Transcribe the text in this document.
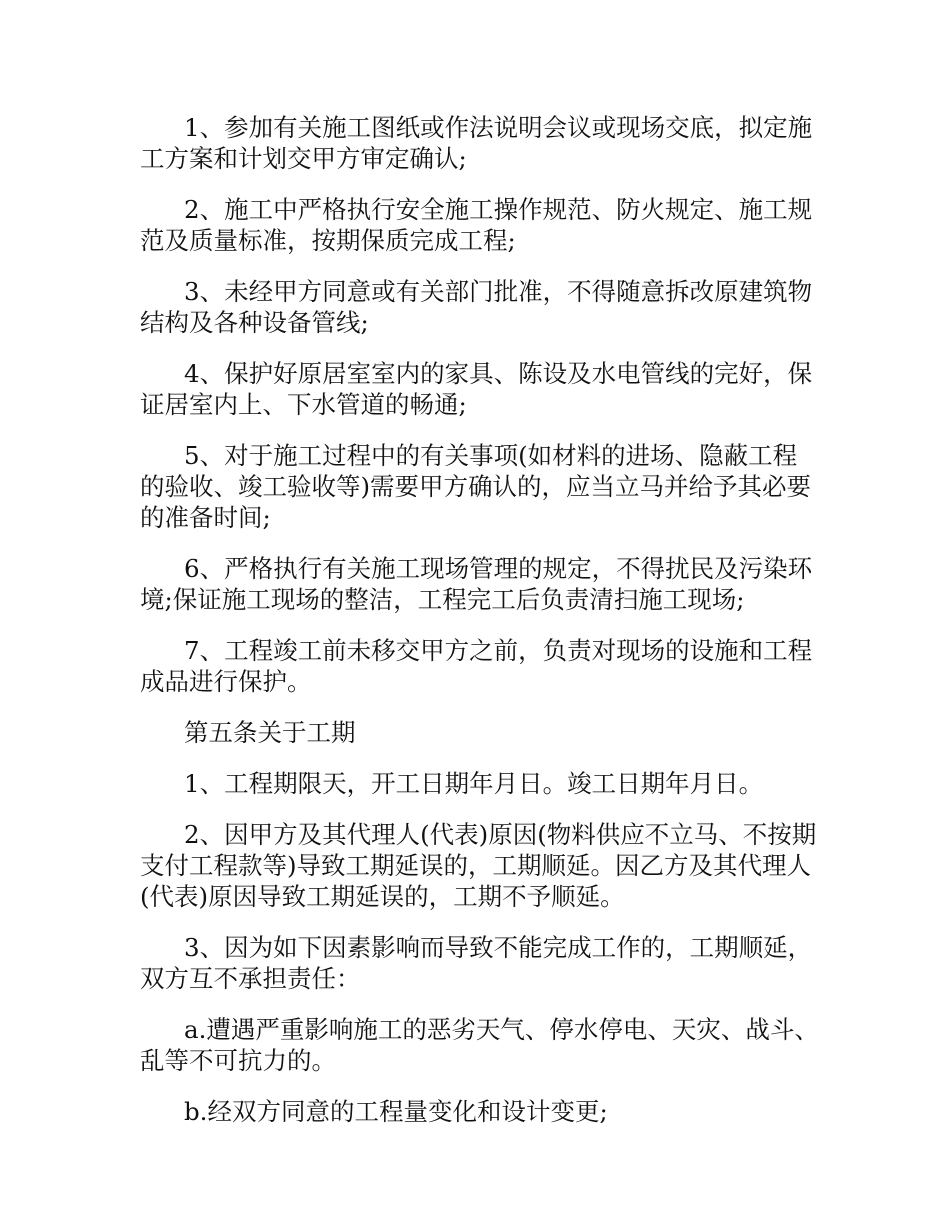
1、参加有关施工图纸或作法说明会议或现场交底，拟定施工方案和计划交甲方审定确认;

2、施工中严格执行安全施工操作规范、防火规定、施工规范及质量标准，按期保质完成工程;

3、未经甲方同意或有关部门批准，不得随意拆改原建筑物结构及各种设备管线;

4、保护好原居室室内的家具、陈设及水电管线的完好，保证居室内上、下水管道的畅通;

5、对于施工过程中的有关事项(如材料的进场、隐蔽工程的验收、竣工验收等)需要甲方确认的，应当立马并给予其必要的准备时间;

6、严格执行有关施工现场管理的规定，不得扰民及污染环境;保证施工现场的整洁，工程完工后负责清扫施工现场;

7、工程竣工前未移交甲方之前，负责对现场的设施和工程成品进行保护。

第五条关于工期

1、工程期限天，开工日期年月日。竣工日期年月日。

2、因甲方及其代理人(代表)原因(物料供应不立马、不按期支付工程款等)导致工期延误的，工期顺延。因乙方及其代理人(代表)原因导致工期延误的，工期不予顺延。

3、因为如下因素影响而导致不能完成工作的，工期顺延，双方互不承担责任：

a.遭遇严重影响施工的恶劣天气、停水停电、天灾、战斗、乱等不可抗力的。

b.经双方同意的工程量变化和设计变更;
